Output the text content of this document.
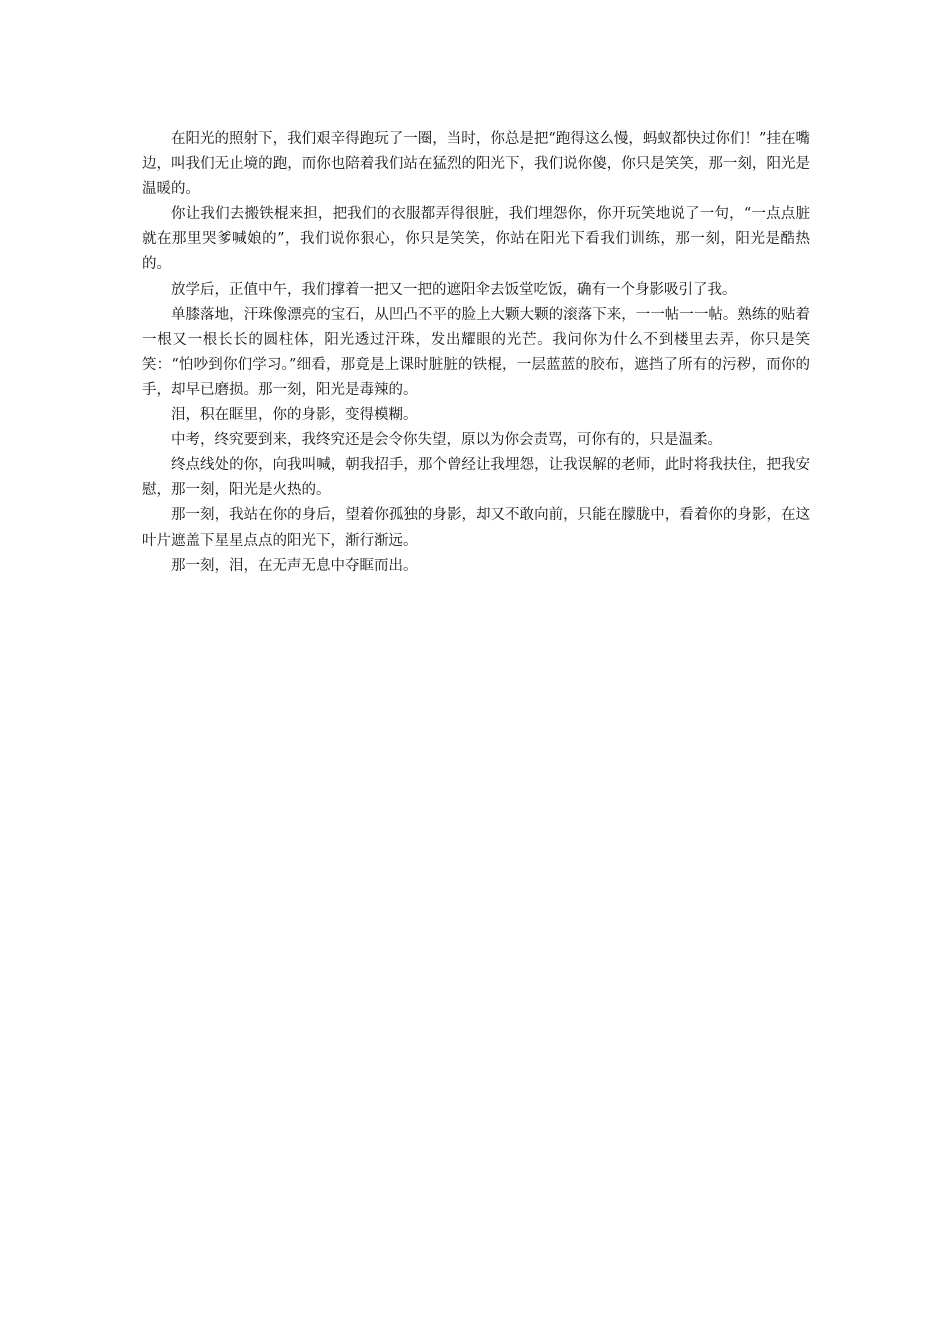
在阳光的照射下，我们艰辛得跑玩了一圈，当时，你总是把“跑得这么慢，蚂蚁都快过你们！”挂在嘴边，叫我们无止境的跑，而你也陪着我们站在猛烈的阳光下，我们说你傻，你只是笑笑，那一刻，阳光是温暖的。

你让我们去搬铁棍来担，把我们的衣服都弄得很脏，我们埋怨你，你开玩笑地说了一句，“一点点脏就在那里哭爹喊娘的”，我们说你狠心，你只是笑笑，你站在阳光下看我们训练，那一刻，阳光是酷热的。

放学后，正值中午，我们撑着一把又一把的遮阳伞去饭堂吃饭，确有一个身影吸引了我。

单膝落地，汗珠像漂亮的宝石，从凹凸不平的脸上大颗大颗的滚落下来，一一帖一一帖。熟练的贴着一根又一根长长的圆柱体，阳光透过汗珠，发出耀眼的光芒。我问你为什么不到楼里去弄，你只是笑笑：“怕吵到你们学习。”细看，那竟是上课时脏脏的铁棍，一层蓝蓝的胶布，遮挡了所有的污秽，而你的手，却早已磨损。那一刻，阳光是毒辣的。

泪，积在眶里，你的身影，变得模糊。

中考，终究要到来，我终究还是会令你失望，原以为你会责骂，可你有的，只是温柔。

终点线处的你，向我叫喊，朝我招手，那个曾经让我埋怨，让我误解的老师，此时将我扶住，把我安慰，那一刻，阳光是火热的。

那一刻，我站在你的身后，望着你孤独的身影，却又不敢向前，只能在朦胧中，看着你的身影，在这叶片遮盖下星星点点的阳光下，渐行渐远。

那一刻，泪，在无声无息中夺眶而出。
